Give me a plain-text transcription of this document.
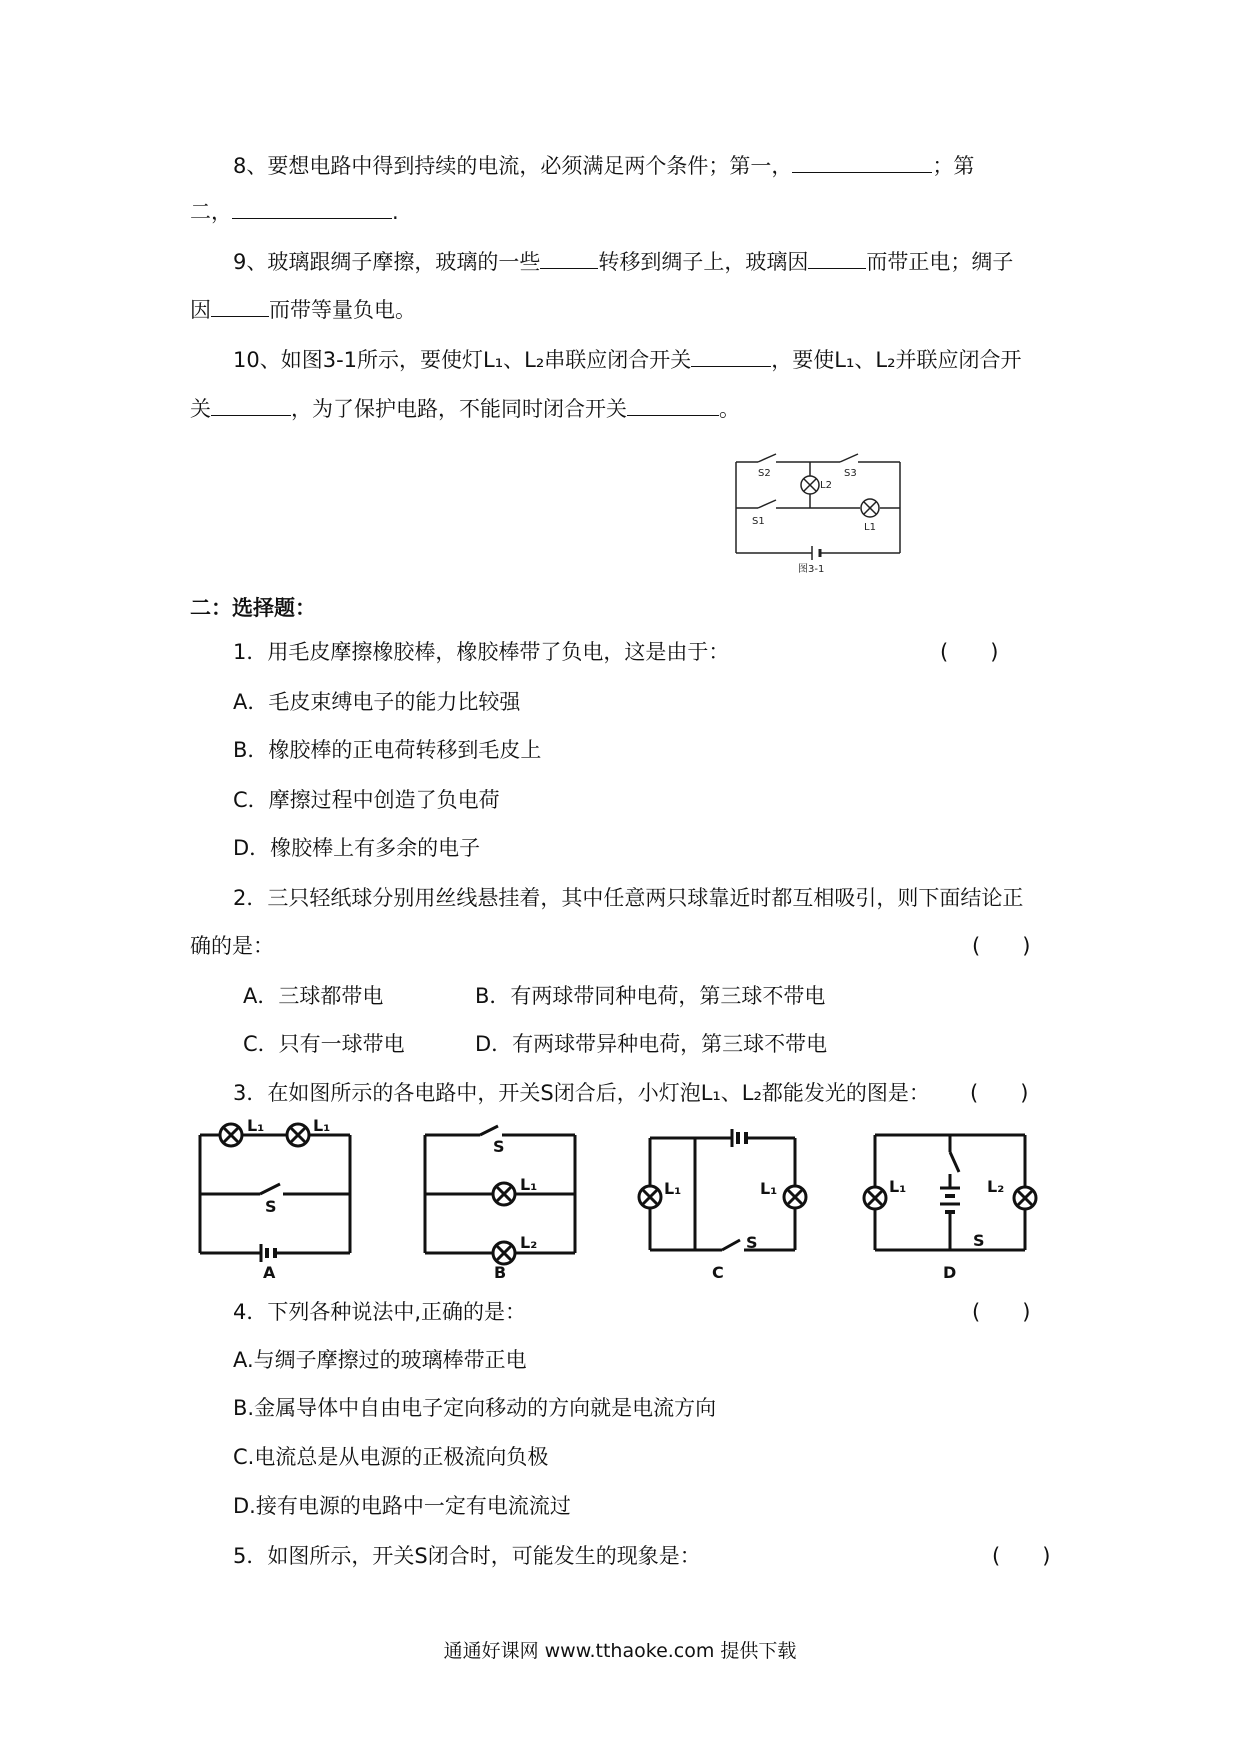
8、要想电路中得到持续的电流，必须满足两个条件；第一，	；第
二，	.
9、玻璃跟绸子摩擦，玻璃的一些	转移到绸子上，玻璃因	而带正电；绸子
因	而带等量负电。
10、如图3-1所示，要使灯L₁、L₂串联应闭合开关	，要使L₁、L₂并联应闭合开
关	，为了保护电路，不能同时闭合开关	。
S2	S3
L2
S1
L1
图3-1
二：选择题：
1．用毛皮摩擦橡胶棒，橡胶棒带了负电，这是由于：	(　　)
A．毛皮束缚电子的能力比较强
B．橡胶棒的正电荷转移到毛皮上
C．摩擦过程中创造了负电荷
D．橡胶棒上有多余的电子
2．三只轻纸球分别用丝线悬挂着，其中任意两只球靠近时都互相吸引，则下面结论正
确的是：	(　　)
A．三球都带电	B．有两球带同种电荷，第三球不带电
C．只有一球带电	D．有两球带异种电荷，第三球不带电
3．在如图所示的各电路中，开关S闭合后，小灯泡L₁、L₂都能发光的图是： (　　)
L₁	L₁
S
A
S
L₁
L₂
B
L₁	L₁
S
C
L₁	L₂
S
D
4．下列各种说法中,正确的是：	(　　)
A.与绸子摩擦过的玻璃棒带正电
B.金属导体中自由电子定向移动的方向就是电流方向
C.电流总是从电源的正极流向负极
D.接有电源的电路中一定有电流流过
5．如图所示，开关S闭合时，可能发生的现象是：	(　　)
通通好课网 www.tthaoke.com 提供下载
